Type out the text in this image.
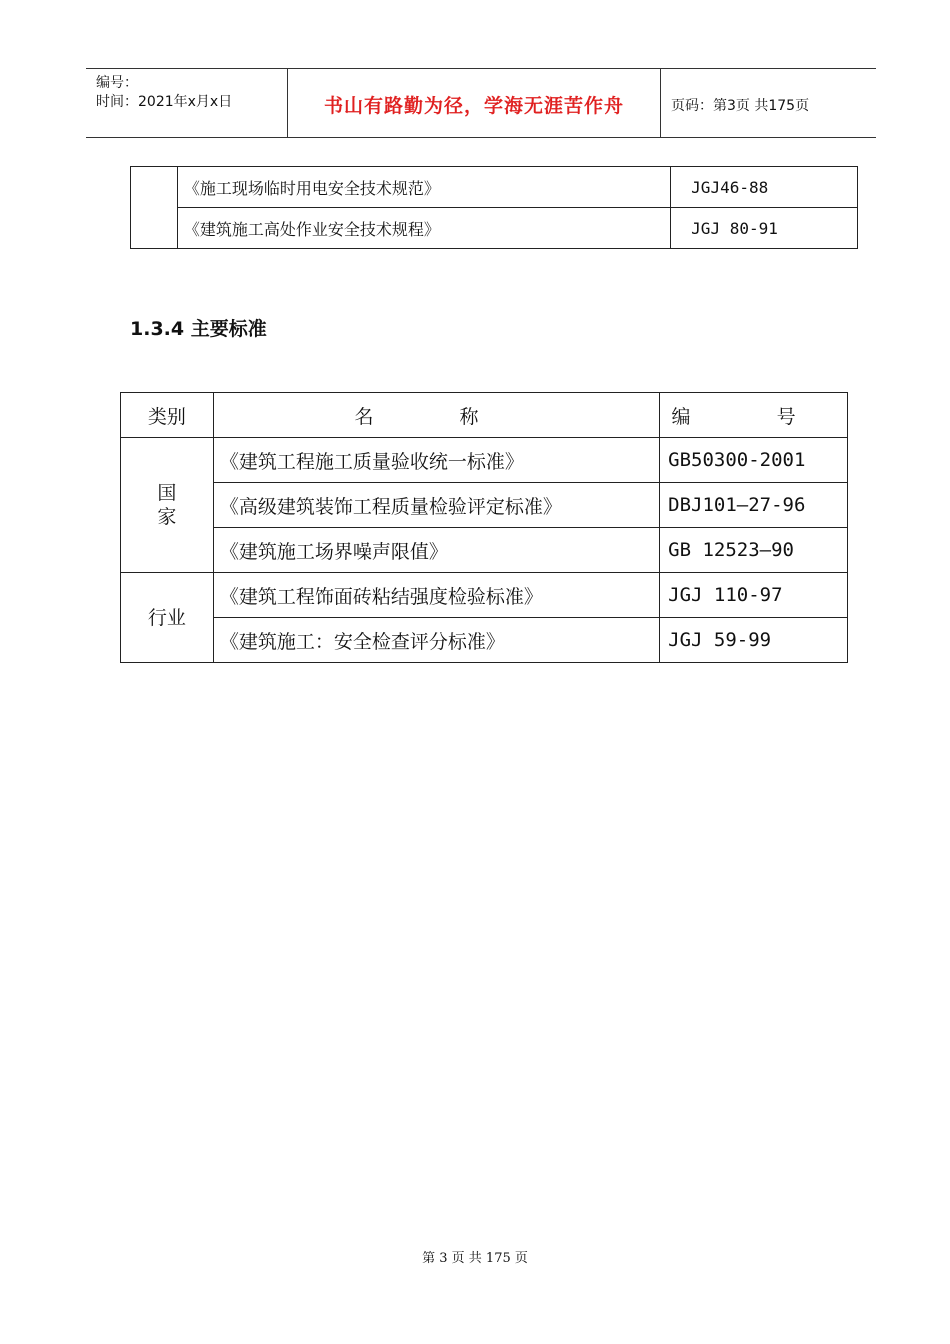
编号：
时间：2021年x月x日	书山有路勤为径，学海无涯苦作舟	页码：第3页 共175页
	《施工现场临时用电安全技术规范》	JGJ46-88
	《建筑施工高处作业安全技术规程》	JGJ 80-91
1.3.4 主要标准
类别	名 称	编 号
国家	《建筑工程施工质量验收统一标准》	GB50300-2001
	《高级建筑装饰工程质量检验评定标准》	DBJ101—27-96
	《建筑施工场界噪声限值》	GB 12523—90
行业	《建筑工程饰面砖粘结强度检验标准》	JGJ 110-97
	《建筑施工：安全检查评分标准》	JGJ 59-99
第 3 页 共 175 页
